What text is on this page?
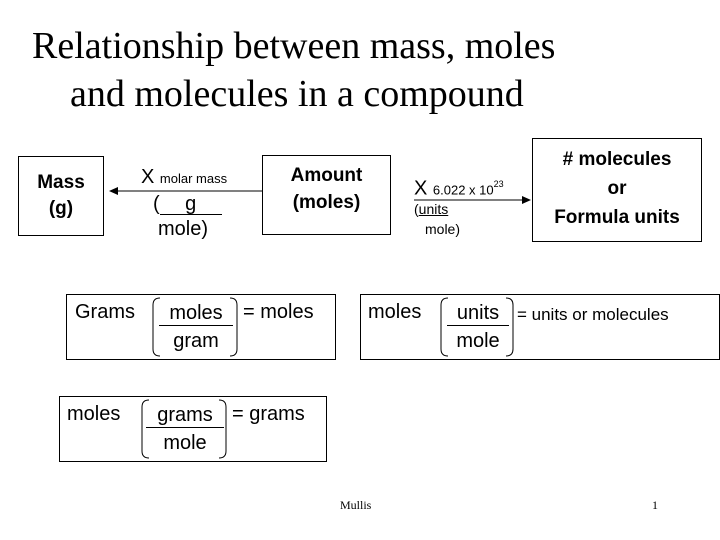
Relationship between mass, moles
and molecules in a compound
Mass
(g)
X molar mass
( g
mole)
Amount
(moles)
X 6.022 x $10^{23}$
(units
mole)
# molecules
or
Formula units
Grams	moles	= moles
gram
moles	units	= units or molecules
mole
moles	grams = grams
mole
Mullis	1
